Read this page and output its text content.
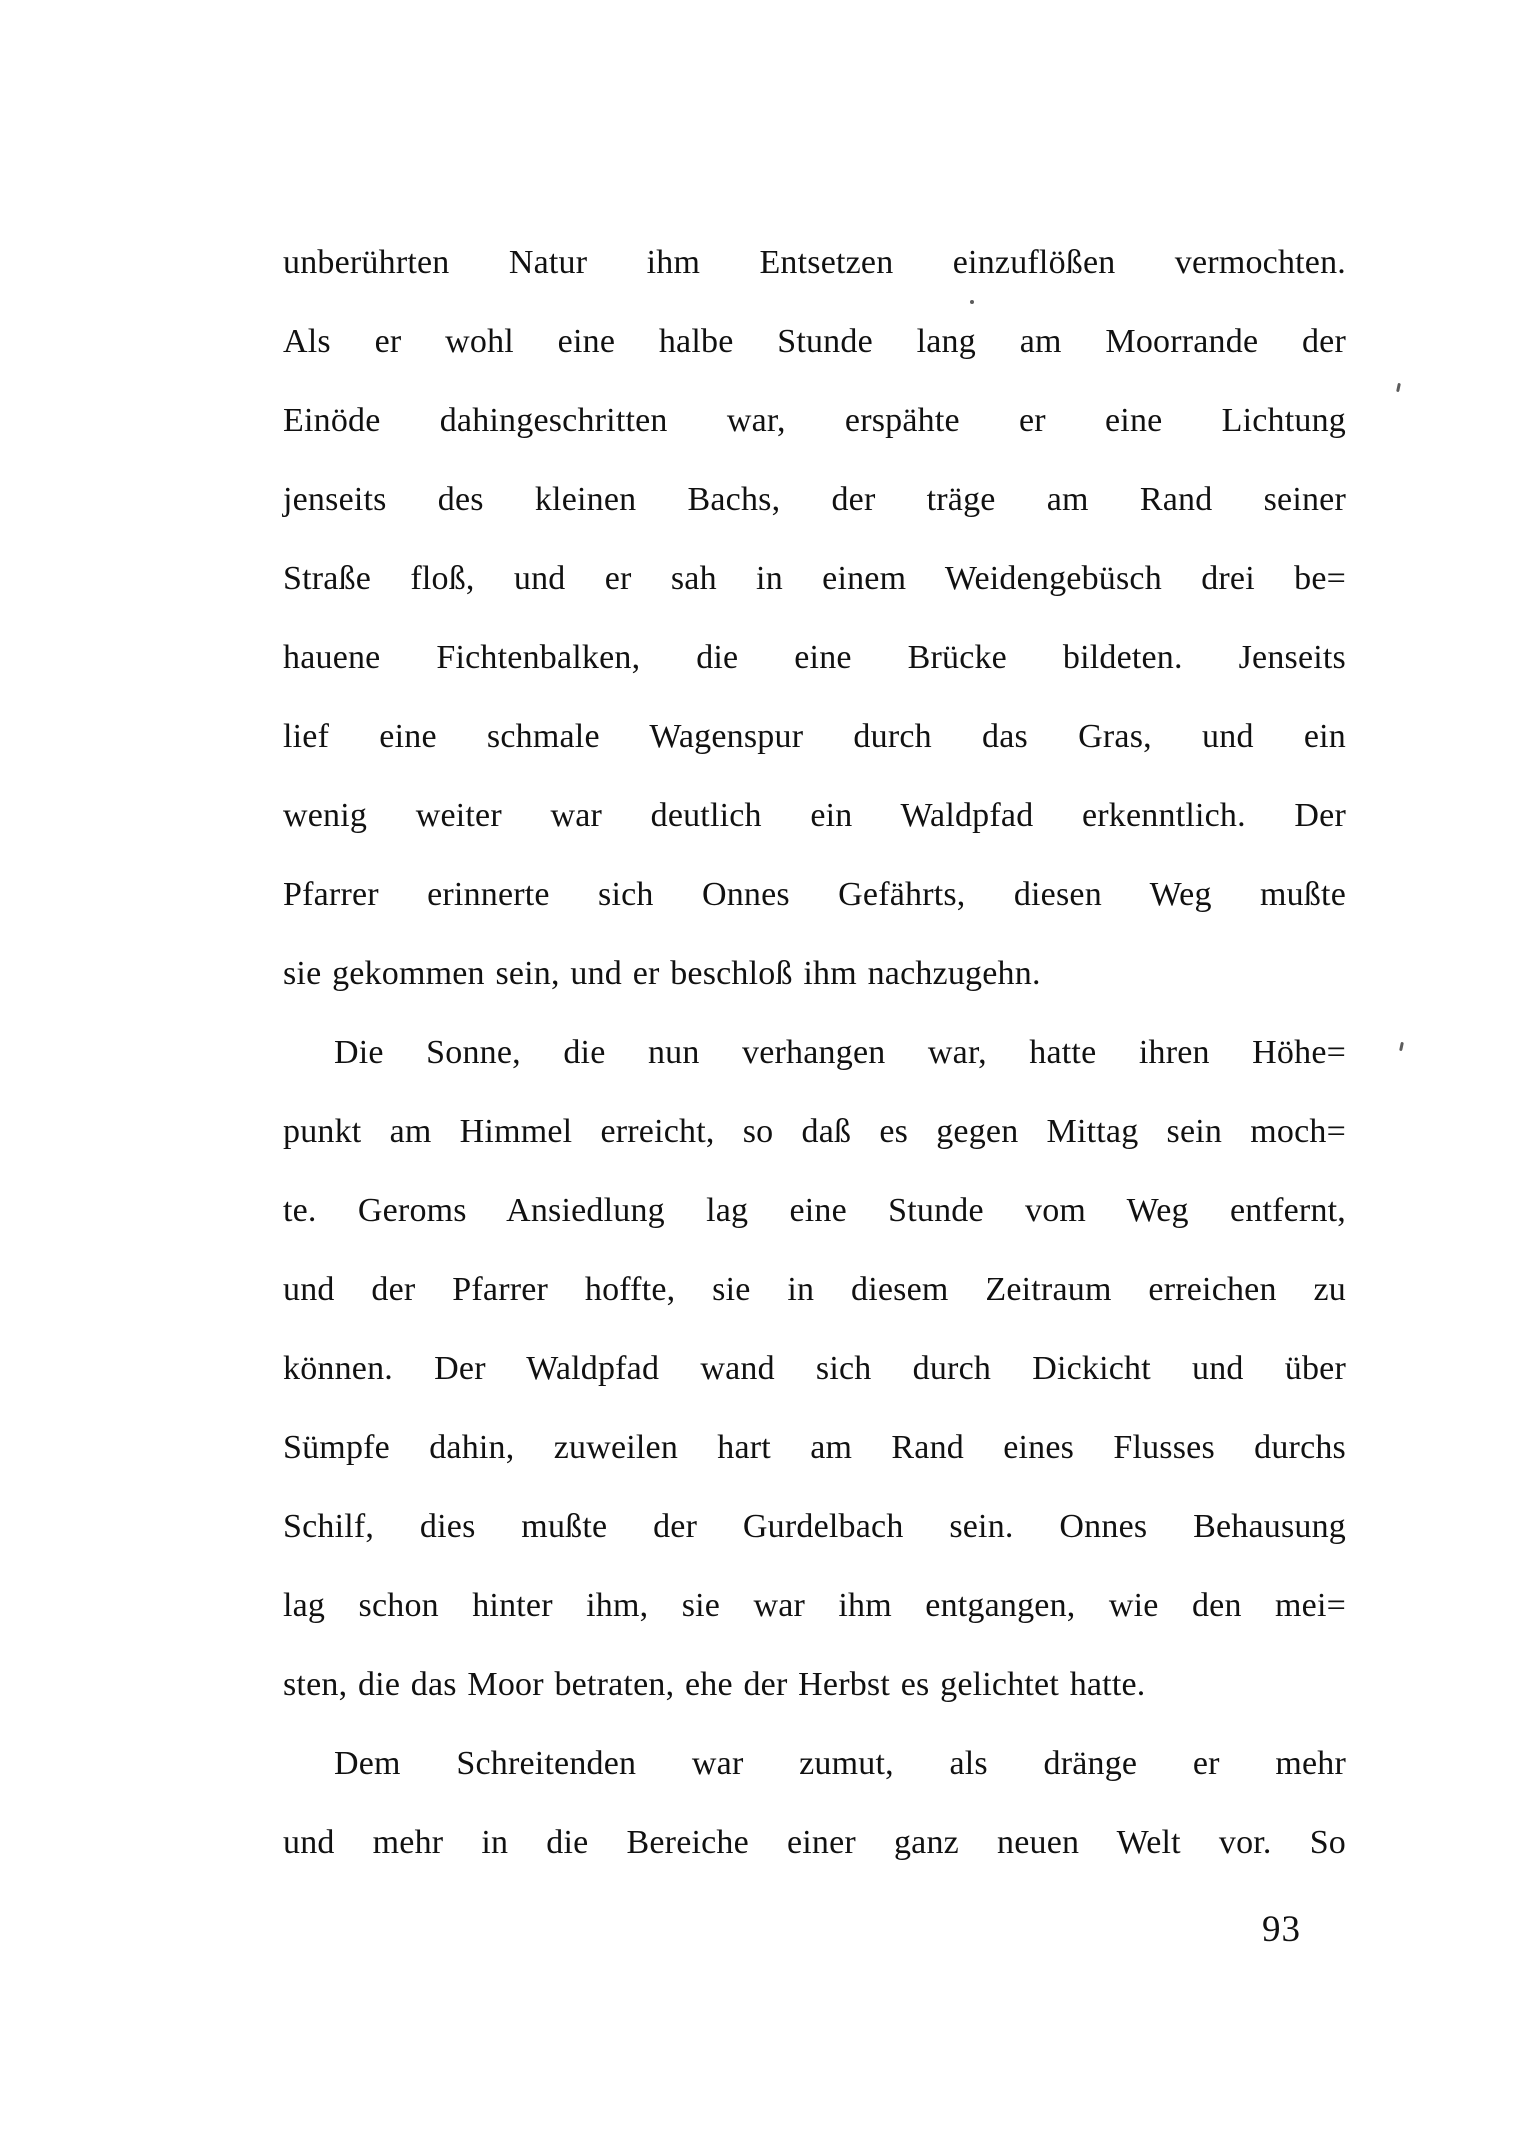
unberührten Natur ihm Entsetzen einzuflößen vermochten.
Als er wohl eine halbe Stunde lang am Moorrande der
Einöde dahingeschritten war, erspähte er eine Lichtung
jenseits des kleinen Bachs, der träge am Rand seiner
Straße floß, und er sah in einem Weidengebüsch drei be=
hauene Fichtenbalken, die eine Brücke bildeten. Jenseits
lief eine schmale Wagenspur durch das Gras, und ein
wenig weiter war deutlich ein Waldpfad erkenntlich. Der
Pfarrer erinnerte sich Onnes Gefährts, diesen Weg mußte
sie gekommen sein, und er beschloß ihm nachzugehn.
Die Sonne, die nun verhangen war, hatte ihren Höhe=
punkt am Himmel erreicht, so daß es gegen Mittag sein moch=
te. Geroms Ansiedlung lag eine Stunde vom Weg entfernt,
und der Pfarrer hoffte, sie in diesem Zeitraum erreichen zu
können. Der Waldpfad wand sich durch Dickicht und über
Sümpfe dahin, zuweilen hart am Rand eines Flusses durchs
Schilf, dies mußte der Gurdelbach sein. Onnes Behausung
lag schon hinter ihm, sie war ihm entgangen, wie den mei=
sten, die das Moor betraten, ehe der Herbst es gelichtet hatte.
Dem Schreitenden war zumut, als dränge er mehr
und mehr in die Bereiche einer ganz neuen Welt vor. So
93
